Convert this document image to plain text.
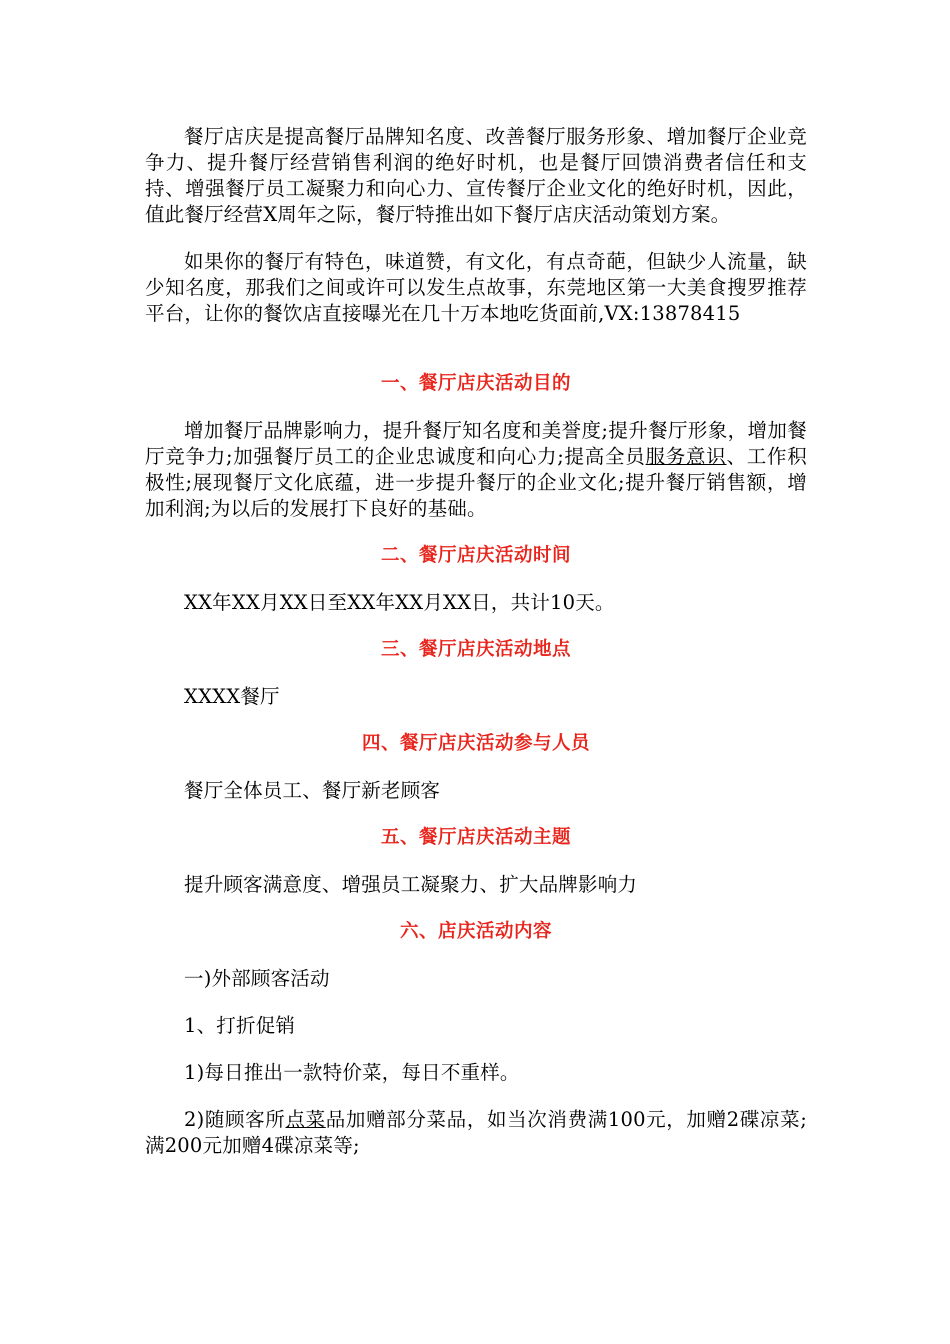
餐厅店庆是提高餐厅品牌知名度、改善餐厅服务形象、增加餐厅企业竞争力、提升餐厅经营销售利润的绝好时机，也是餐厅回馈消费者信任和支持、增强餐厅员工凝聚力和向心力、宣传餐厅企业文化的绝好时机，因此，值此餐厅经营X周年之际，餐厅特推出如下餐厅店庆活动策划方案。

如果你的餐厅有特色，味道赞，有文化，有点奇葩，但缺少人流量，缺少知名度，那我们之间或许可以发生点故事，东莞地区第一大美食搜罗推荐平台，让你的餐饮店直接曝光在几十万本地吃货面前,VX:13878415

一、餐厅店庆活动目的

增加餐厅品牌影响力，提升餐厅知名度和美誉度;提升餐厅形象，增加餐厅竞争力;加强餐厅员工的企业忠诚度和向心力;提高全员服务意识、工作积极性;展现餐厅文化底蕴，进一步提升餐厅的企业文化;提升餐厅销售额，增加利润;为以后的发展打下良好的基础。

二、餐厅店庆活动时间

XX年XX月XX日至XX年XX月XX日，共计10天。

三、餐厅店庆活动地点

XXXX餐厅

四、餐厅店庆活动参与人员

餐厅全体员工、餐厅新老顾客

五、餐厅店庆活动主题

提升顾客满意度、增强员工凝聚力、扩大品牌影响力

六、店庆活动内容

一)外部顾客活动

1、打折促销

1)每日推出一款特价菜，每日不重样。

2)随顾客所点菜品加赠部分菜品，如当次消费满100元，加赠2碟凉菜;满200元加赠4碟凉菜等;
